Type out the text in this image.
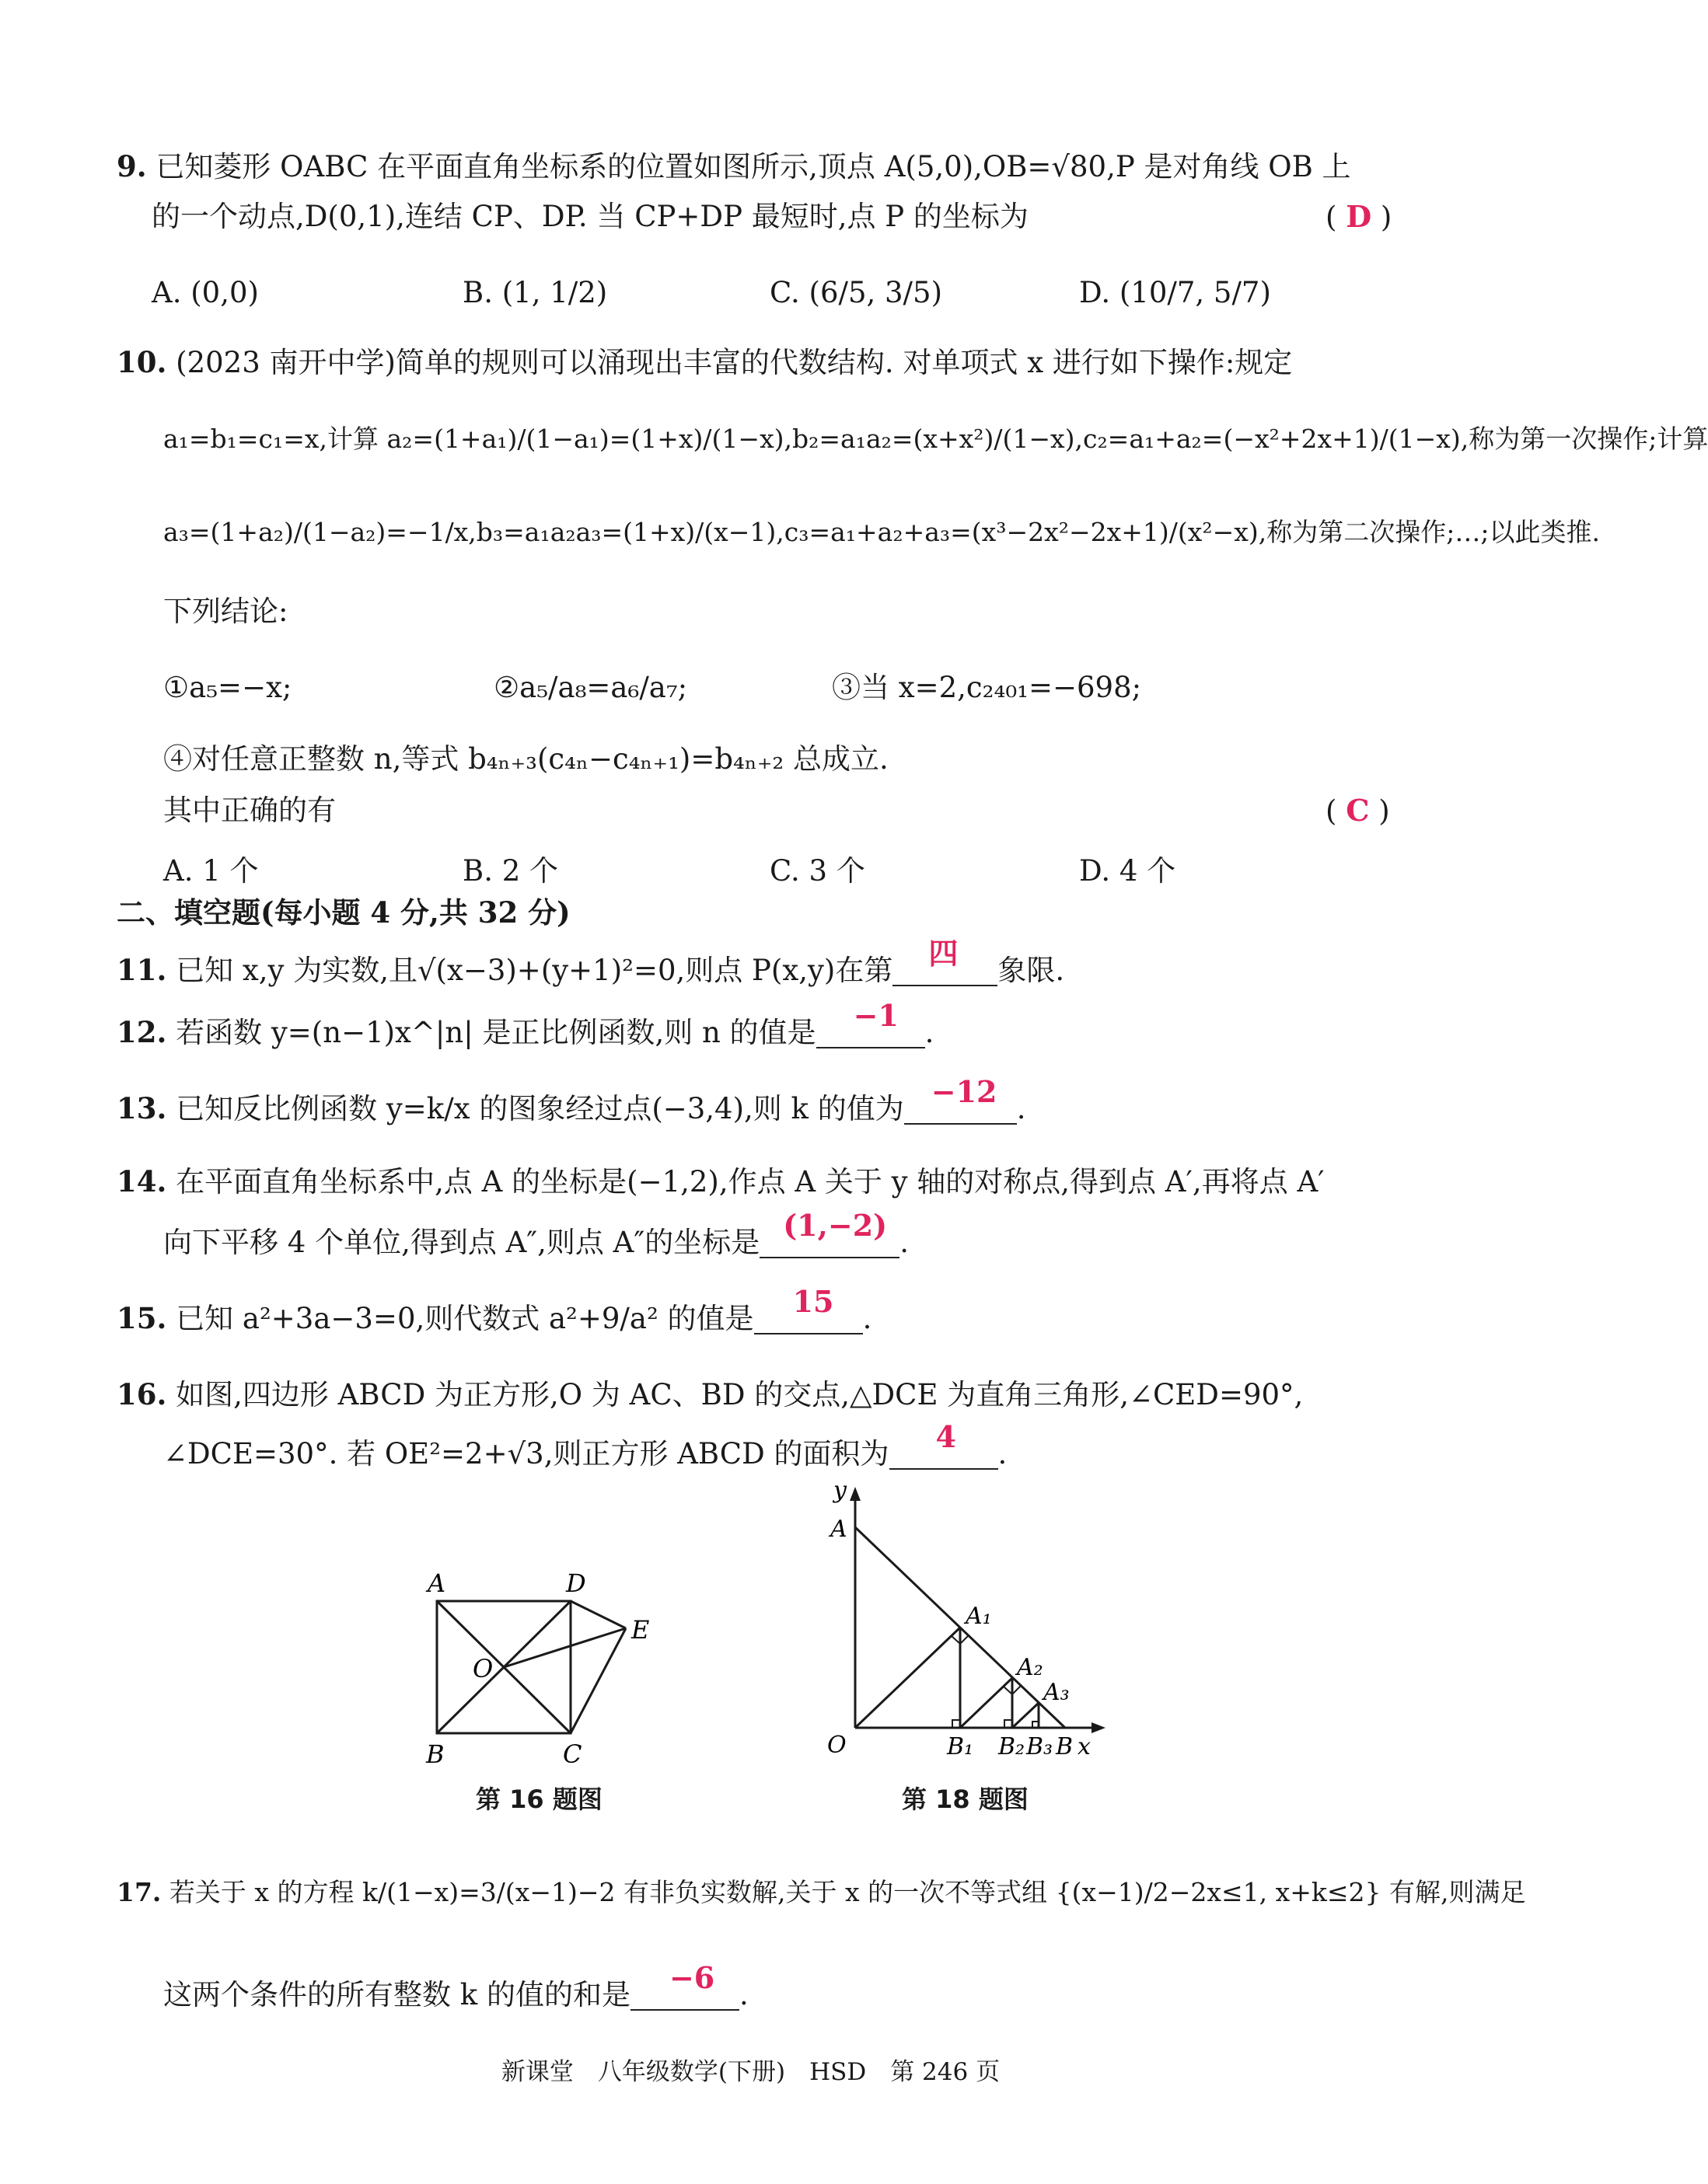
9. 已知菱形 OABC 在平面直角坐标系的位置如图所示,顶点 A(5,0),OB=√80,P 是对角线 OB 上
的一个动点,D(0,1),连结 CP、DP. 当 CP+DP 最短时,点 P 的坐标为	( D )
A. (0,0)	B. (1, 1/2)	C. (6/5, 3/5)	D. (10/7, 5/7)
10. (2023 南开中学)简单的规则可以涌现出丰富的代数结构. 对单项式 x 进行如下操作:规定
a₁=b₁=c₁=x,计算 a₂=(1+a₁)/(1−a₁)=(1+x)/(1−x),b₂=a₁a₂=(x+x²)/(1−x),c₂=a₁+a₂=(−x²+2x+1)/(1−x),称为第一次操作;计算
a₃=(1+a₂)/(1−a₂)=−1/x,b₃=a₁a₂a₃=(1+x)/(x−1),c₃=a₁+a₂+a₃=(x³−2x²−2x+1)/(x²−x),称为第二次操作;…;以此类推.
下列结论:
①a₅=−x;	②a₅/a₈=a₆/a₇;	③当 x=2,c₂₄₀₁=−698;
④对任意正整数 n,等式 b₄ₙ₊₃(c₄ₙ−c₄ₙ₊₁)=b₄ₙ₊₂ 总成立.
其中正确的有	( C )
A. 1 个	C. 3 个
B. 2 个	D. 4 个
二、填空题(每小题 4 分,共 32 分)
11. 已知 x,y 为实数,且√(x−3)+(y+1)²=0,则点 P(x,y)在第 四 象限.
12. 若函数 y=(n−1)x^|n| 是正比例函数,则 n 的值是 −1 .
13. 已知反比例函数 y=k/x 的图象经过点(−3,4),则 k 的值为 −12 .
14. 在平面直角坐标系中,点 A 的坐标是(−1,2),作点 A 关于 y 轴的对称点,得到点 A′,再将点 A′
向下平移 4 个单位,得到点 A″,则点 A″的坐标是 (1,−2) .
15. 已知 a²+3a−3=0,则代数式 a²+9/a² 的值是 15 .
16. 如图,四边形 ABCD 为正方形,O 为 AC、BD 的交点,△DCE 为直角三角形,∠CED=90°,
∠DCE=30°. 若 OE²=2+√3,则正方形 ABCD 的面积为 4 .
A	D
E
O
B	C
第 16 题图
y
A
A₁
A₂
A₃
O	B₁ B₂ B₃ B x
第 18 题图
17. 若关于 x 的方程 k/(1−x)=3/(x−1)−2 有非负实数解,关于 x 的一次不等式组 {(x−1)/2−2x≤1, x+k≤2} 有解,则满足
这两个条件的所有整数 k 的值的和是 −6 .
新课堂　八年级数学(下册)　HSD　第 246 页
